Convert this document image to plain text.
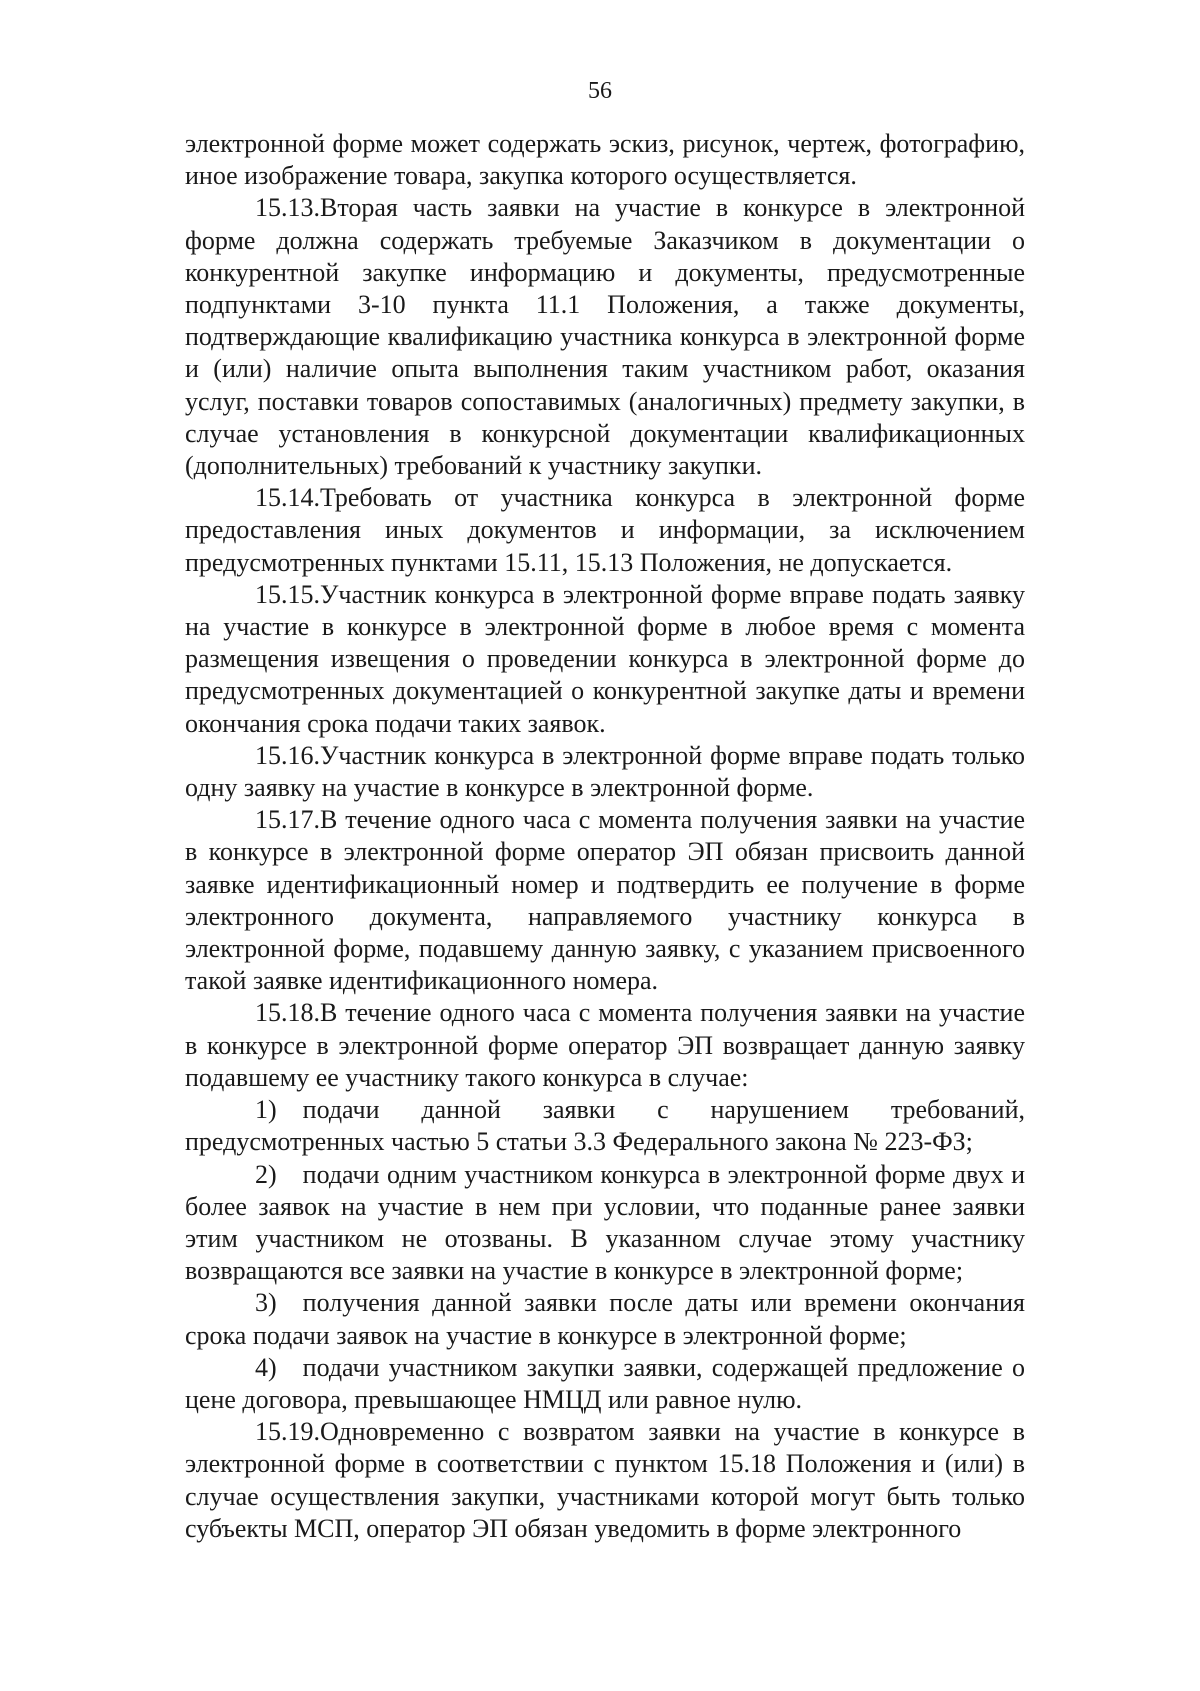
56

электронной форме может содержать эскиз, рисунок, чертеж, фотографию, иное изображение товара, закупка которого осуществляется.

15.13.Вторая часть заявки на участие в конкурсе в электронной форме должна содержать требуемые Заказчиком в документации о конкурентной закупке информацию и документы, предусмотренные подпунктами 3-10 пункта 11.1 Положения, а также документы, подтверждающие квалификацию участника конкурса в электронной форме и (или) наличие опыта выполнения таким участником работ, оказания услуг, поставки товаров сопоставимых (аналогичных) предмету закупки, в случае установления в конкурсной документации квалификационных (дополнительных) требований к участнику закупки.

15.14.Требовать от участника конкурса в электронной форме предоставления иных документов и информации, за исключением предусмотренных пунктами 15.11, 15.13 Положения, не допускается.

15.15.Участник конкурса в электронной форме вправе подать заявку на участие в конкурсе в электронной форме в любое время с момента размещения извещения о проведении конкурса в электронной форме до предусмотренных документацией о конкурентной закупке даты и времени окончания срока подачи таких заявок.

15.16.Участник конкурса в электронной форме вправе подать только одну заявку на участие в конкурсе в электронной форме.

15.17.В течение одного часа с момента получения заявки на участие в конкурсе в электронной форме оператор ЭП обязан присвоить данной заявке идентификационный номер и подтвердить ее получение в форме электронного документа, направляемого участнику конкурса в электронной форме, подавшему данную заявку, с указанием присвоенного такой заявке идентификационного номера.

15.18.В течение одного часа с момента получения заявки на участие в конкурсе в электронной форме оператор ЭП возвращает данную заявку подавшему ее участнику такого конкурса в случае:

1) подачи данной заявки с нарушением требований, предусмотренных частью 5 статьи 3.3 Федерального закона № 223-ФЗ;

2) подачи одним участником конкурса в электронной форме двух и более заявок на участие в нем при условии, что поданные ранее заявки этим участником не отозваны. В указанном случае этому участнику возвращаются все заявки на участие в конкурсе в электронной форме;

3) получения данной заявки после даты или времени окончания срока подачи заявок на участие в конкурсе в электронной форме;

4) подачи участником закупки заявки, содержащей предложение о цене договора, превышающее НМЦД или равное нулю.

15.19.Одновременно с возвратом заявки на участие в конкурсе в электронной форме в соответствии с пунктом 15.18 Положения и (или) в случае осуществления закупки, участниками которой могут быть только субъекты МСП, оператор ЭП обязан уведомить в форме электронного
